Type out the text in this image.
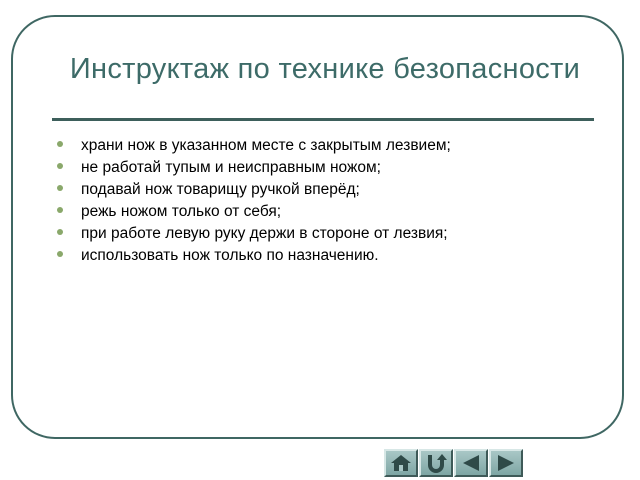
Инструктаж по технике безопасности
храни нож в указанном месте с закрытым лезвием;
не работай тупым и неисправным ножом;
подавай нож товарищу ручкой вперёд;
режь ножом только от себя;
при работе левую руку держи в стороне от лезвия;
использовать нож только по назначению.
